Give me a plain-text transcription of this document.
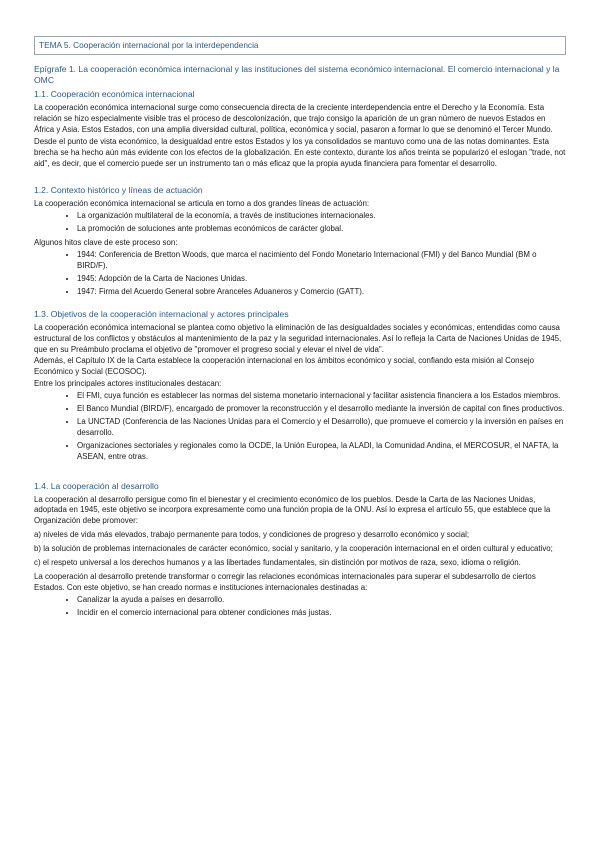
TEMA 5. Cooperación internacional por la interdependencia
Epígrafe 1. La cooperación económica internacional y las instituciones del sistema económico internacional. El comercio internacional y la OMC
1.1. Cooperación económica internacional

La cooperación económica internacional surge como consecuencia directa de la creciente interdependencia entre el Derecho y la Economía. Esta relación se hizo especialmente visible tras el proceso de descolonización, que trajo consigo la aparición de un gran número de nuevos Estados en África y Asia. Estos Estados, con una amplia diversidad cultural, política, económica y social, pasaron a formar lo que se denominó el Tercer Mundo.

Desde el punto de vista económico, la desigualdad entre estos Estados y los ya consolidados se mantuvo como una de las notas dominantes. Esta brecha se ha hecho aún más evidente con los efectos de la globalización. En este contexto, durante los años treinta se popularizó el eslogan "trade, not aid", es decir, que el comercio puede ser un instrumento tan o más eficaz que la propia ayuda financiera para fomentar el desarrollo.

1.2. Contexto histórico y líneas de actuación

La cooperación económica internacional se articula en torno a dos grandes líneas de actuación:

• La organización multilateral de la economía, a través de instituciones internacionales.
• La promoción de soluciones ante problemas económicos de carácter global.

Algunos hitos clave de este proceso son:

• 1944: Conferencia de Bretton Woods, que marca el nacimiento del Fondo Monetario Internacional (FMI) y del Banco Mundial (BM o BIRD/F).
• 1945: Adopción de la Carta de Naciones Unidas.
• 1947: Firma del Acuerdo General sobre Aranceles Aduaneros y Comercio (GATT).
1.3. Objetivos de la cooperación internacional y actores principales

La cooperación económica internacional se plantea como objetivo la eliminación de las desigualdades sociales y económicas, entendidas como causa estructural de los conflictos y obstáculos al mantenimiento de la paz y la seguridad internacionales. Así lo refleja la Carta de Naciones Unidas de 1945, que en su Preámbulo proclama el objetivo de "promover el progreso social y elevar el nivel de vida".

Además, el Capítulo IX de la Carta establece la cooperación internacional en los ámbitos económico y social, confiando esta misión al Consejo Económico y Social (ECOSOC).

Entre los principales actores institucionales destacan:

• El FMI, cuya función es establecer las normas del sistema monetario internacional y facilitar asistencia financiera a los Estados miembros.
• El Banco Mundial (BIRD/F), encargado de promover la reconstrucción y el desarrollo mediante la inversión de capital con fines productivos.
• La UNCTAD (Conferencia de las Naciones Unidas para el Comercio y el Desarrollo), que promueve el comercio y la inversión en países en desarrollo.
• Organizaciones sectoriales y regionales como la OCDE, la Unión Europea, la ALADI, la Comunidad Andina, el MERCOSUR, el NAFTA, la ASEAN, entre otras.
1.4. La cooperación al desarrollo

La cooperación al desarrollo persigue como fin el bienestar y el crecimiento económico de los pueblos. Desde la Carta de las Naciones Unidas, adoptada en 1945, este objetivo se incorpora expresamente como una función propia de la ONU. Así lo expresa el artículo 55, que establece que la Organización debe promover:

a) niveles de vida más elevados, trabajo permanente para todos, y condiciones de progreso y desarrollo económico y social;

b) la solución de problemas internacionales de carácter económico, social y sanitario, y la cooperación internacional en el orden cultural y educativo;

c) el respeto universal a los derechos humanos y a las libertades fundamentales, sin distinción por motivos de raza, sexo, idioma o religión.

La cooperación al desarrollo pretende transformar o corregir las relaciones económicas internacionales para superar el subdesarrollo de ciertos Estados. Con este objetivo, se han creado normas e instituciones internacionales destinadas a:

• Canalizar la ayuda a países en desarrollo.
• Incidir en el comercio internacional para obtener condiciones más justas.
